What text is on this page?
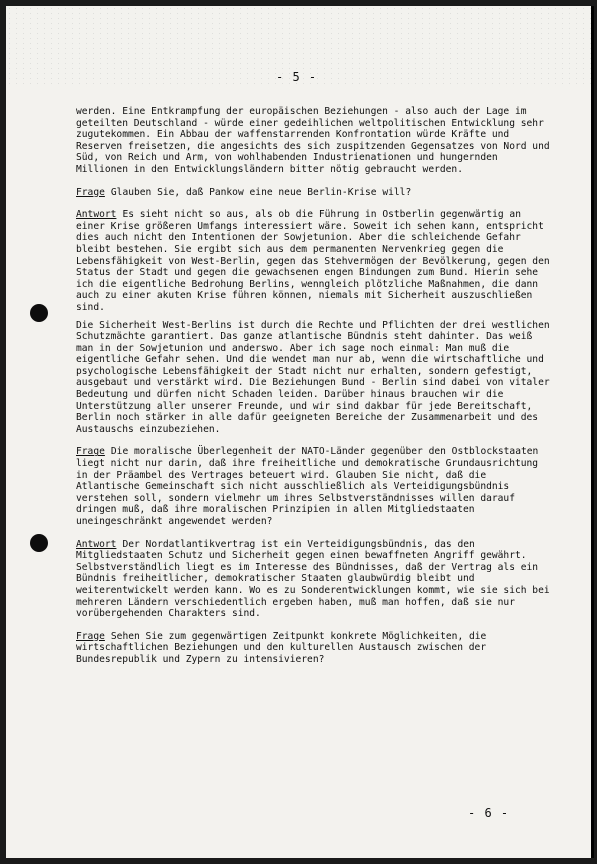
- 5 -

werden. Eine Entkrampfung der europäischen Beziehungen - also auch der Lage im geteilten Deutschland - würde einer gedeihlichen weltpolitischen Entwicklung sehr zugutekommen. Ein Abbau der waffenstarrenden Konfrontation würde Kräfte und Reserven freisetzen, die angesichts des sich zuspitzenden Gegensatzes von Nord und Süd, von Reich und Arm, von wohlhabenden Industrienationen und hungernden Millionen in den Entwicklungsländern bitter nötig gebraucht werden.

Frage Glauben Sie, daß Pankow eine neue Berlin-Krise will?

Antwort Es sieht nicht so aus, als ob die Führung in Ostberlin gegenwärtig an einer Krise größeren Umfangs interessiert wäre. Soweit ich sehen kann, entspricht dies auch nicht den Intentionen der Sowjetunion. Aber die schleichende Gefahr bleibt bestehen. Sie ergibt sich aus dem permanenten Nervenkrieg gegen die Lebensfähigkeit von West-Berlin, gegen das Stehvermögen der Bevölkerung, gegen den Status der Stadt und gegen die gewachsenen engen Bindungen zum Bund. Hierin sehe ich die eigentliche Bedrohung Berlins, wenngleich plötzliche Maßnahmen, die dann auch zu einer akuten Krise führen können, niemals mit Sicherheit auszuschließen sind.

Die Sicherheit West-Berlins ist durch die Rechte und Pflichten der drei westlichen Schutzmächte garantiert. Das ganze atlantische Bündnis steht dahinter. Das weiß man in der Sowjetunion und anderswo. Aber ich sage noch einmal: Man muß die eigentliche Gefahr sehen. Und die wendet man nur ab, wenn die wirtschaftliche und psychologische Lebensfähigkeit der Stadt nicht nur erhalten, sondern gefestigt, ausgebaut und verstärkt wird. Die Beziehungen Bund - Berlin sind dabei von vitaler Bedeutung und dürfen nicht Schaden leiden. Darüber hinaus brauchen wir die Unterstützung aller unserer Freunde, und wir sind dakbar für jede Bereitschaft, Berlin noch stärker in alle dafür geeigneten Bereiche der Zusammenarbeit und des Austauschs einzubeziehen.

Frage Die moralische Überlegenheit der NATO-Länder gegenüber den Ostblockstaaten liegt nicht nur darin, daß ihre freiheitliche und demokratische Grundausrichtung in der Präambel des Vertrages beteuert wird. Glauben Sie nicht, daß die Atlantische Gemeinschaft sich nicht ausschließlich als Verteidigungsbündnis verstehen soll, sondern vielmehr um ihres Selbstverständnisses willen darauf dringen muß, daß ihre moralischen Prinzipien in allen Mitgliedstaaten uneingeschränkt angewendet werden?

Antwort Der Nordatlantikvertrag ist ein Verteidigungsbündnis, das den Mitgliedstaaten Schutz und Sicherheit gegen einen bewaffneten Angriff gewährt. Selbstverständlich liegt es im Interesse des Bündnisses, daß der Vertrag als ein Bündnis freiheitlicher, demokratischer Staaten glaubwürdig bleibt und weiterentwickelt werden kann. Wo es zu Sonderentwicklungen kommt, wie sie sich bei mehreren Ländern verschiedentlich ergeben haben, muß man hoffen, daß sie nur vorübergehenden Charakters sind.

Frage Sehen Sie zum gegenwärtigen Zeitpunkt konkrete Möglichkeiten, die wirtschaftlichen Beziehungen und den kulturellen Austausch zwischen der Bundesrepublik und Zypern zu intensivieren?

- 6 -
